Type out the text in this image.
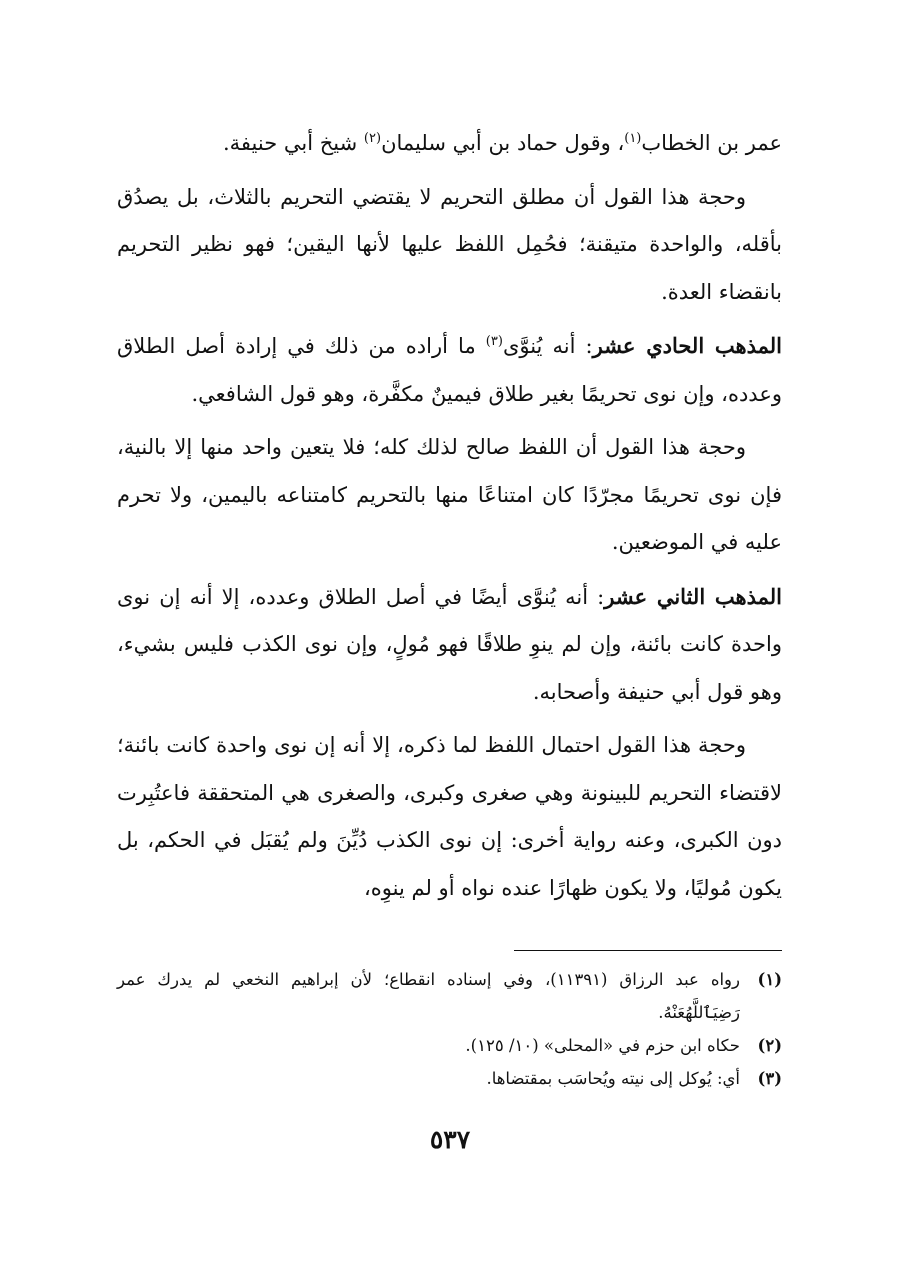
عمر بن الخطاب$^{(١)}$، وقول حماد بن أبي سليمان$^{(٢)}$ شيخ أبي حنيفة.

وحجة هذا القول أن مطلق التحريم لا يقتضي التحريم بالثلاث، بل يصدُق بأقله، والواحدة متيقنة؛ فحُمِل اللفظ عليها لأنها اليقين؛ فهو نظير التحريم بانقضاء العدة.

المذهب الحادي عشر: أنه يُنوَّى$^{(٣)}$ ما أراده من ذلك في إرادة أصل الطلاق وعدده، وإن نوى تحريمًا بغير طلاق فيمينٌ مكفَّرة، وهو قول الشافعي.

وحجة هذا القول أن اللفظ صالح لذلك كله؛ فلا يتعين واحد منها إلا بالنية، فإن نوى تحريمًا مجرّدًا كان امتناعًا منها بالتحريم كامتناعه باليمين، ولا تحرم عليه في الموضعين.

المذهب الثاني عشر: أنه يُنوَّى أيضًا في أصل الطلاق وعدده، إلا أنه إن نوى واحدة كانت بائنة، وإن لم ينوِ طلاقًا فهو مُولٍ، وإن نوى الكذب فليس بشيء، وهو قول أبي حنيفة وأصحابه.

وحجة هذا القول احتمال اللفظ لما ذكره، إلا أنه إن نوى واحدة كانت بائنة؛ لاقتضاء التحريم للبينونة وهي صغرى وكبرى، والصغرى هي المتحققة فاعتُبِرت دون الكبرى، وعنه رواية أخرى: إن نوى الكذب دُيِّنَ ولم يُقبَل في الحكم، بل يكون مُوليًا، ولا يكون ظهارًا عنده نواه أو لم ينوِه،

(١)
رواه عبد الرزاق (١١٣٩١)، وفي إسناده انقطاع؛ لأن إبراهيم النخعي لم يدرك عمر رَضِيَٱللَّهُعَنْهُ.
(٢)
حكاه ابن حزم في «المحلى» (١٠/ ١٢٥).
(٣)
أي: يُوكل إلى نيته ويُحاسَب بمقتضاها.
٥٣٧
